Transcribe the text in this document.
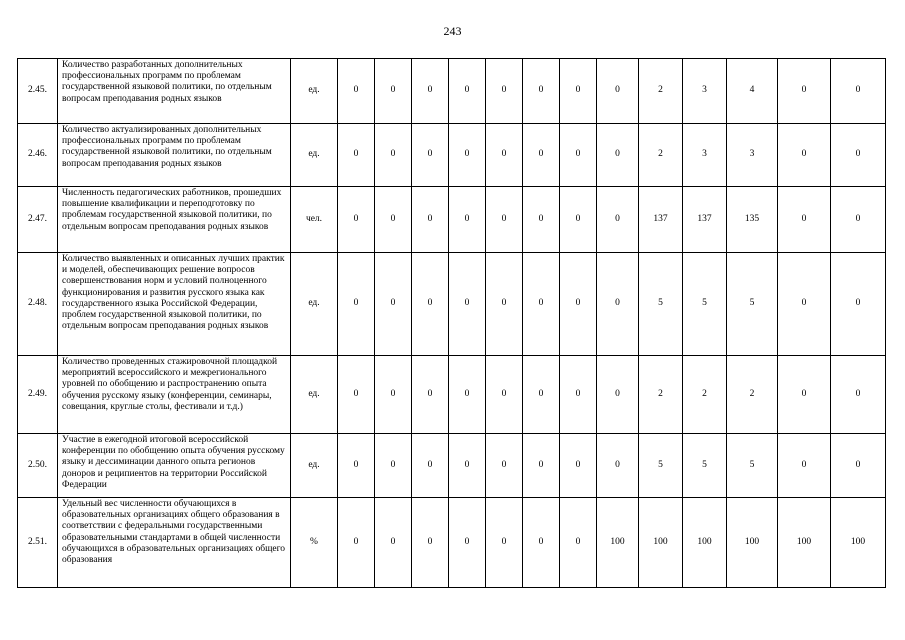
243
2.45.	Количество разработанных дополнительных профессиональных программ по проблемам государственной языковой политики, по отдельным вопросам преподавания родных языков	ед.	0	0	0	0	0	0	0	0	2	3	4	0	0
2.46.	Количество актуализированных дополнительных профессиональных программ по проблемам государственной языковой политики, по отдельным вопросам преподавания родных языков	ед.	0	0	0	0	0	0	0	0	2	3	3	0	0
2.47.	Численность педагогических работников, прошедших повышение квалификации и переподготовку по проблемам государственной языковой политики, по отдельным вопросам преподавания родных языков	чел.	0	0	0	0	0	0	0	0	137	137	135	0	0
2.48.	Количество выявленных и описанных лучших практик и моделей, обеспечивающих решение вопросов совершенствования норм и условий полноценного функционирования и развития русского языка как государственного языка Российской Федерации, проблем государственной языковой политики, по отдельным вопросам преподавания родных языков	ед.	0	0	0	0	0	0	0	0	5	5	5	0	0
2.49.	Количество проведенных стажировочной площадкой мероприятий всероссийского и межрегионального уровней по обобщению и распространению опыта обучения русскому языку (конференции, семинары, совещания, круглые столы, фестивали и т.д.)	ед.	0	0	0	0	0	0	0	0	2	2	2	0	0
2.50.	Участие в ежегодной итоговой всероссийской конференции по обобщению опыта обучения русскому языку и дессиминации данного опыта регионов доноров и реципиентов на территории Российской Федерации	ед.	0	0	0	0	0	0	0	0	5	5	5	0	0
2.51.	Удельный вес численности обучающихся в образовательных организациях общего образования в соответствии с федеральными государственными образовательными стандартами в общей численности обучающихся в образовательных организациях общего образования	%	0	0	0	0	0	0	0	100	100	100	100	100	100
